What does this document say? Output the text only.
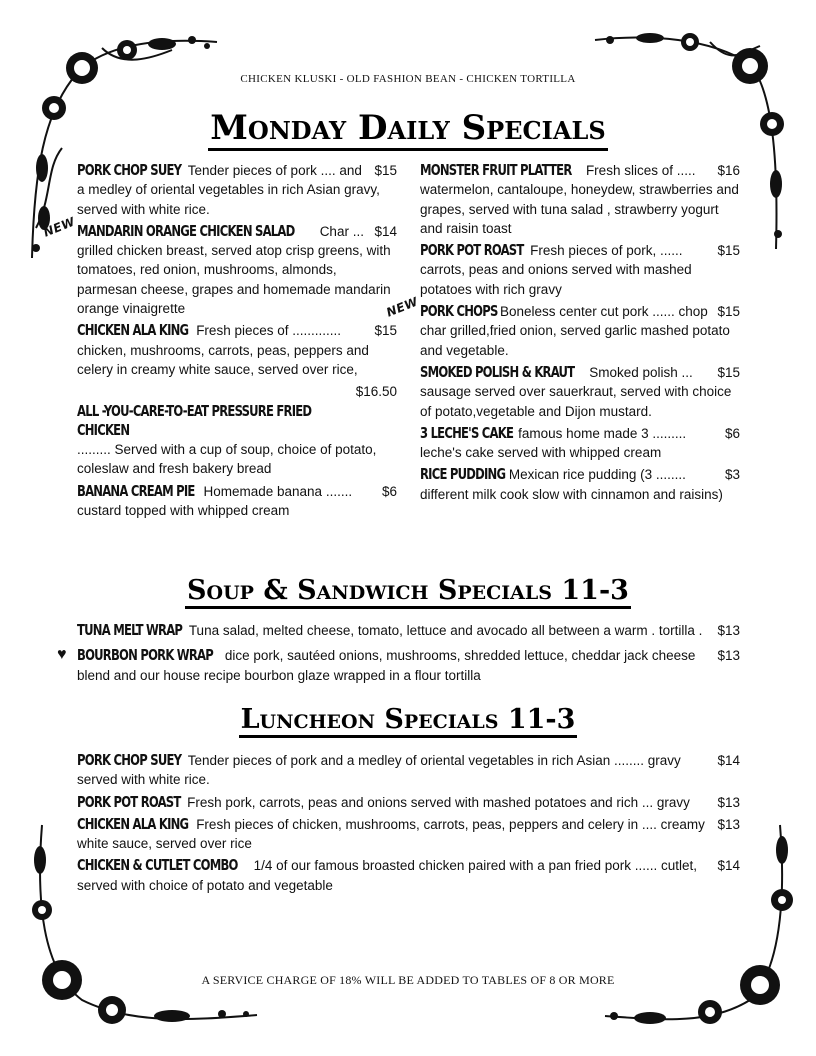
CHICKEN KLUSKI - OLD FASHION BEAN - CHICKEN TORTILLA
Monday Daily Specials
$15
PORK CHOP SUEY Tender pieces of pork .... and a medley of oriental vegetables in rich Asian gravy, served with white rice.
NEW	$14
MANDARIN ORANGE CHICKEN SALAD Char ... grilled chicken breast, served atop crisp greens, with tomatoes, red onion, mushrooms, almonds, parmesan cheese, grapes and homemade mandarin orange vinaigrette
$15
CHICKEN ALA KING Fresh pieces of ............. chicken, mushrooms, carrots, peas, peppers and celery in creamy white sauce, served over rice,
$16.50
ALL -YOU-CARE-TO-EAT PRESSURE FRIED CHICKEN ......... Served with a cup of soup, choice of potato, coleslaw and fresh bakery bread
$6
BANANA CREAM PIE Homemade banana ....... custard topped with whipped cream
$16
MONSTER FRUIT PLATTER Fresh slices of ..... watermelon, cantaloupe, honeydew, strawberries and grapes, served with tuna salad , strawberry yogurt and raisin toast
$15
PORK POT ROAST Fresh pieces of pork, ...... carrots, peas and onions served with mashed potatoes with rich gravy
NEW	$15
PORK CHOPS Boneless center cut pork ...... chop char grilled,fried onion, served garlic mashed potato and vegetable.
$15
SMOKED POLISH & KRAUT Smoked polish ... sausage served over sauerkraut, served with choice of potato,vegetable and Dijon mustard.
$6
3 LECHE'S CAKE famous home made 3 ......... leche's cake served with whipped cream
$3
RICE PUDDING Mexican rice pudding (3 ........ different milk cook slow with cinnamon and raisins)
Soup & Sandwich Specials 11-3
$13
TUNA MELT WRAP Tuna salad, melted cheese, tomato, lettuce and avocado all between a warm . tortilla .
♥	$13
BOURBON PORK WRAP dice pork, sautéed onions, mushrooms, shredded lettuce, cheddar jack cheese blend and our house recipe bourbon glaze wrapped in a flour tortilla
Luncheon Specials 11-3
$14
PORK CHOP SUEY Tender pieces of pork and a medley of oriental vegetables in rich Asian ........ gravy served with white rice.
$13
PORK POT ROAST Fresh pork, carrots, peas and onions served with mashed potatoes and rich ... gravy
$13
CHICKEN ALA KING Fresh pieces of chicken, mushrooms, carrots, peas, peppers and celery in .... creamy white sauce, served over rice
$14
CHICKEN & CUTLET COMBO 1/4 of our famous broasted chicken paired with a pan fried pork ...... cutlet, served with choice of potato and vegetable
A SERVICE CHARGE OF 18% WILL BE ADDED TO TABLES OF 8 OR MORE
